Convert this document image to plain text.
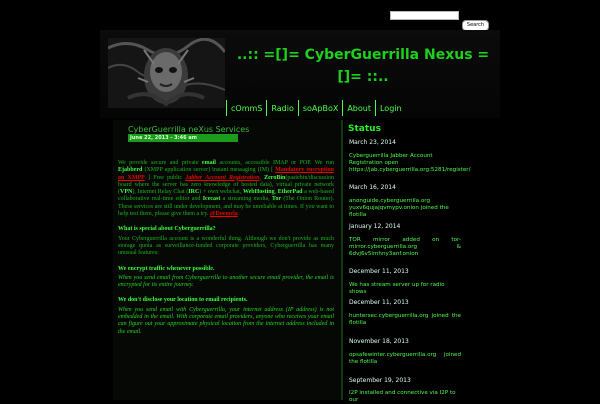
Search
..:: =[]= CyberGuerrilla Nexus =[]= ::..
cOmmS	Radio	soApBoX	About	Login
CyberGuerrilla neXus Services
June 22, 2013 - 3:46 am

We provide secure and private email accounts, accessible IMAP or POP. We run Ejabberd (XMPP application server) instant messaging (IM) [ Mandatory encryption on XMPP ] Free public Jabber Account Registration, ZeroBin(pastebin/discussion board where the server has zero knowledge of hosted data), virtual private network (VPN), Internet Relay Chat (IRC) + own webchat, WebHosting, EtherPad a web-based collaborative real-time editor and Icecast a streaming media, Tor (The Onion Router). These services are still under development, and may be unreliable at times. If you want to help test them, please give them a try. @Doemela

What is special about Cyberguerrilla?
Your Cyberguerrilla account is a wonderful thing. Although we don't provide as much storage quota as surveillance-funded corporate providers, Cyberguerrilla has many unusual features:

We encrypt traffic whenever possible.
When you send email from Cyberguerrilla to another secure email provider, the email is encrypted for its entire journey.

We don't disclose your location to email recipients.
When you send email with Cyberguerrilla, your internet address (IP address) is not embedded in the email. With corporate email providers, anyone who receives your email can figure out your approximate physical location from the internet address included in the email.

Status
March 23, 2014
Cyberguerrilla Jabber Account Registration open https://jab.cyberguerrilla.org:5281/register/
March 16, 2014
anonguide.cyberguerrilla.org yuxv6qujajqvmypv.onion joined the flotilla
January 12, 2014
TOR mirror added on tor-mirror.cyberguerrilla.org & 6dvj6v5imhny3anf.onion
December 11, 2013
We has stream server up for radio shows
December 11, 2013
huntersec.cyberguerrilla.org joined the flotilla
November 18, 2013
opsafewinter.cyberguerrilla.org joined the flotilla
September 19, 2013
I2P installed and connective via I2P to our
